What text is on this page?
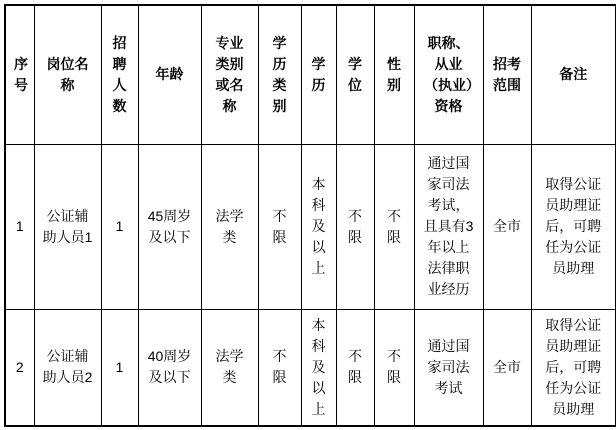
序号	岗位名称	招聘人数	年龄	专业类别或名称	学历类别	学历	学位	性别	职称、从业（执业）资格	招考范围	备注
1	公证辅助人员1	1	45周岁及以下	法学类	不限	本科及以上	不限	不限	通过国家司法考试，且具有3年以上法律职业经历	全市	取得公证员助理证后，可聘任为公证员助理
2	公证辅助人员2	1	40周岁及以下	法学类	不限	本科及以上	不限	不限	通过国家司法考试	全市	取得公证员助理证后，可聘任为公证员助理
